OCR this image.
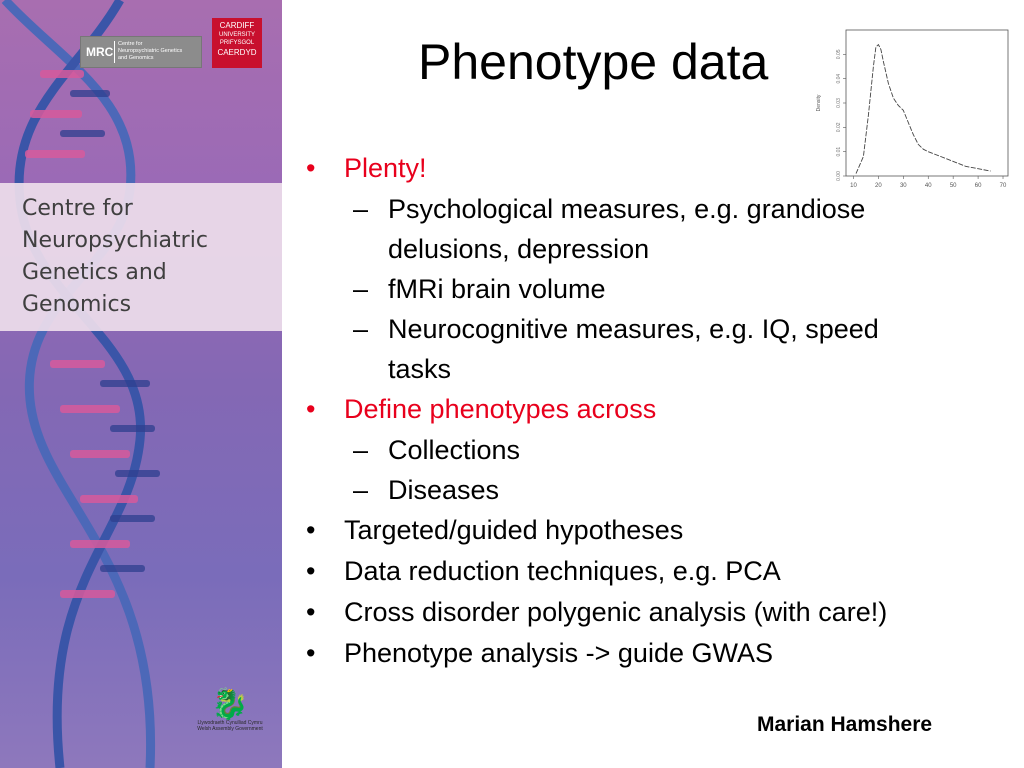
MRC
Centre for
Neuropsychiatric Genetics
and Genomics
CARDIFF
UNIVERSITY
PRIFYSGOL
CAERDYD
Centre for
Neuropsychiatric
Genetics and
Genomics
🐉
Llywodraeth Cynulliad Cymru
Welsh Assembly Government
Phenotype data
10	20	30	40	50	60	70
0.00
0.01
0.02
0.03
0.04
0.05
Density
• Plenty!
– Psychological measures, e.g. grandiose delusions, depression
– fMRi brain volume
– Neurocognitive measures, e.g. IQ, speed tasks
• Define phenotypes across
– Collections
– Diseases
• Targeted/guided hypotheses
• Data reduction techniques, e.g. PCA
• Cross disorder polygenic analysis (with care!)
• Phenotype analysis -> guide GWAS
Marian Hamshere
